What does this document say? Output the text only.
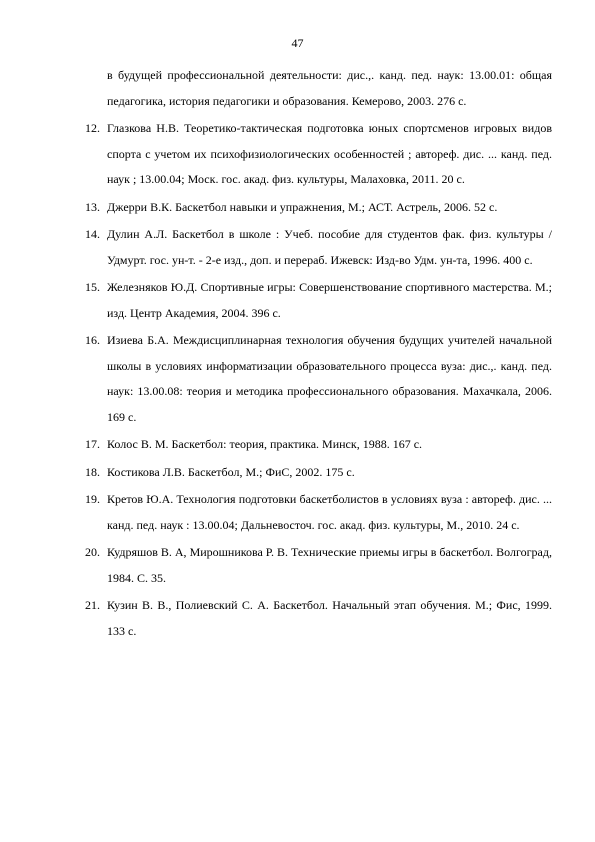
47
в будущей профессиональной деятельности: дис.,. канд. пед. наук: 13.00.01: общая педагогика, история педагогики и образования. Кемерово, 2003. 276 с.
12. Глазкова Н.В. Теоретико-тактическая подготовка юных спортсменов игровых видов спорта с учетом их психофизиологических особенностей ; автореф. дис. ... канд. пед. наук ; 13.00.04; Моск. гос. акад. физ. культуры, Малаховка, 2011. 20 с.
13. Джерри В.К. Баскетбол навыки и упражнения, М.; АСТ. Астрель, 2006. 52 с.
14. Дулин А.Л. Баскетбол в школе : Учеб. пособие для студентов фак. физ. культуры / Удмурт. гос. ун-т. - 2-е изд., доп. и перераб. Ижевск: Изд-во Удм. ун-та, 1996. 400 с.
15. Железняков Ю.Д. Спортивные игры: Совершенствование спортивного мастерства. М.; изд. Центр Академия, 2004. 396 с.
16. Изиева Б.А. Междисциплинарная технология обучения будущих учителей начальной школы в условиях информатизации образовательного процесса вуза: дис.,. канд. пед. наук: 13.00.08: теория и методика профессионального образования. Махачкала, 2006. 169 с.
17. Колос В. М. Баскетбол: теория, практика. Минск, 1988. 167 с.
18. Костикова Л.В. Баскетбол, М.; ФиС, 2002. 175 с.
19. Кретов Ю.А. Технология подготовки баскетболистов в условиях вуза : автореф. дис. ... канд. пед. наук : 13.00.04; Дальневосточ. гос. акад. физ. культуры, М., 2010. 24 с.
20. Кудряшов В. А, Мирошникова Р. В. Технические приемы игры в баскетбол. Волгоград, 1984. С. 35.
21. Кузин В. В., Полиевский С. А. Баскетбол. Начальный этап обучения. М.; Фис, 1999. 133 с.
